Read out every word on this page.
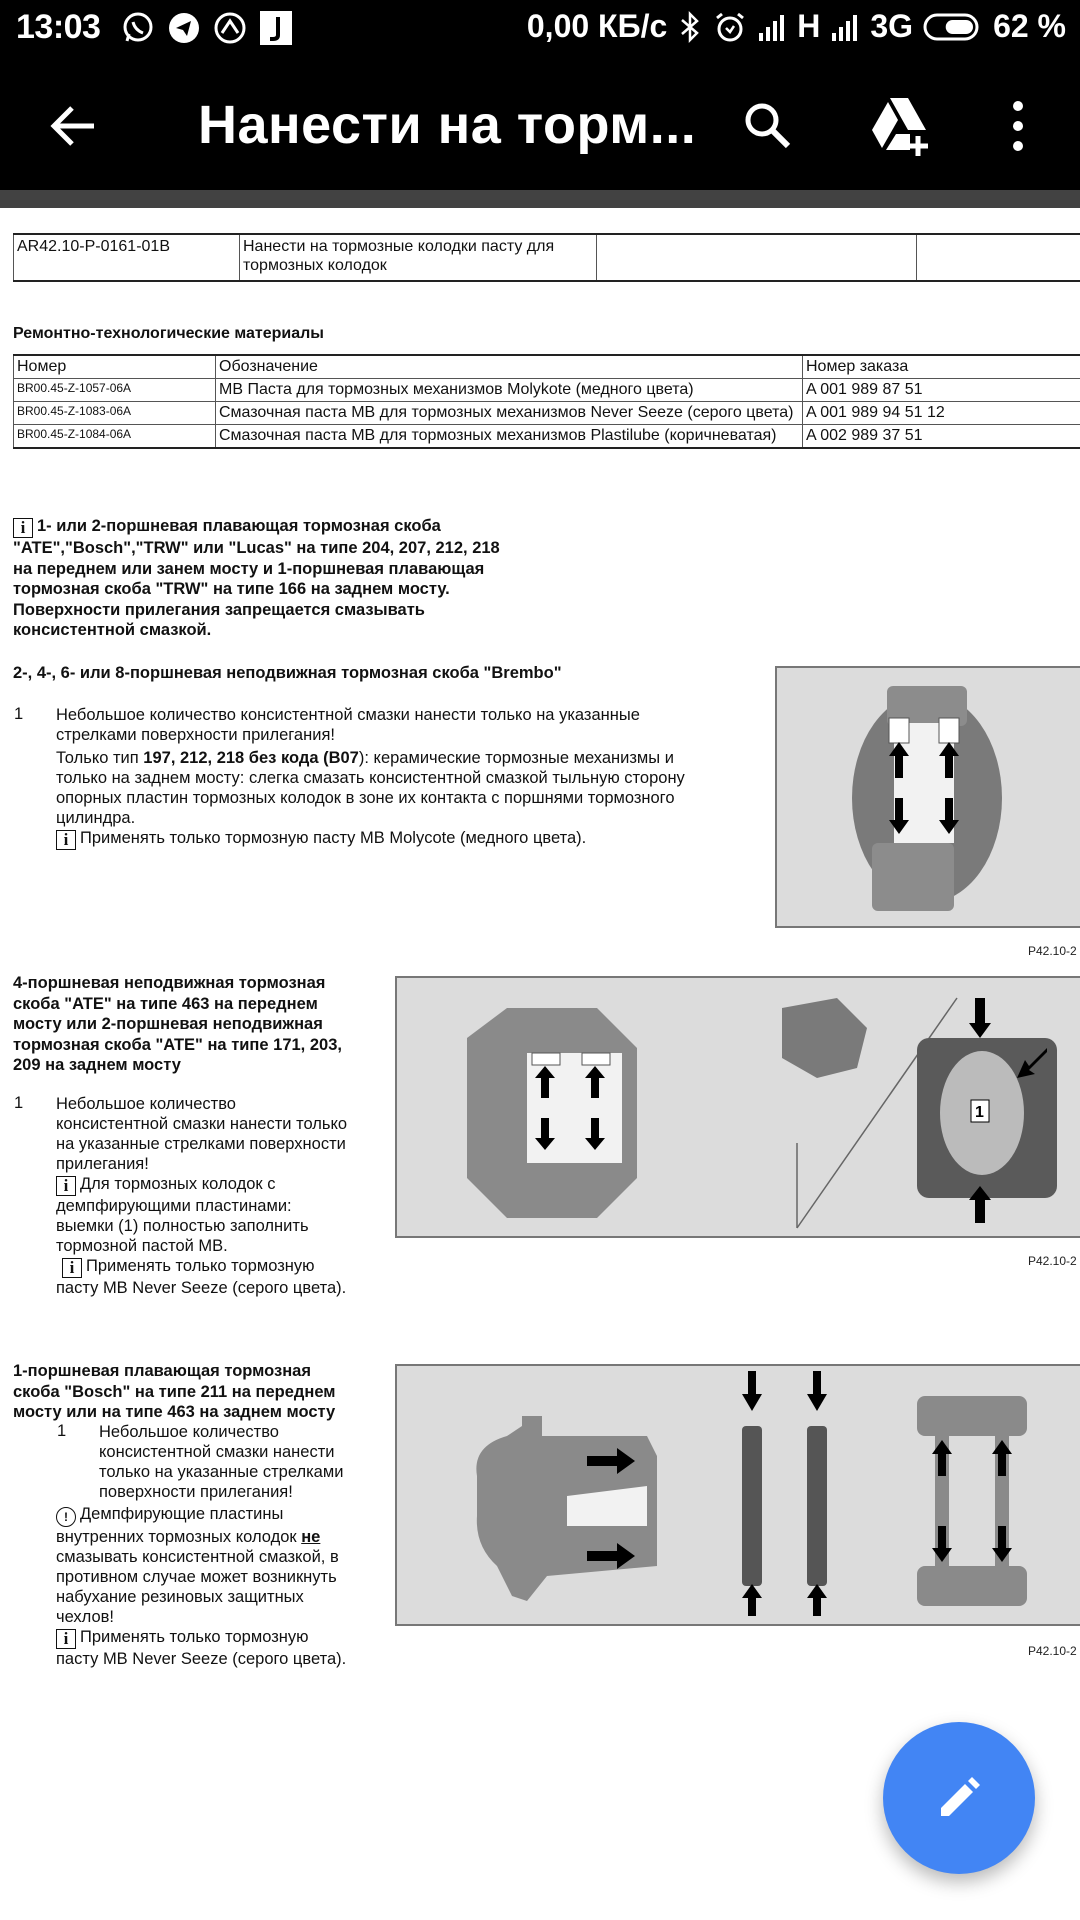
13:03	0,00 КБ/с	H 3G	62 %
Нанести на торм...
AR42.10-P-0161-01B	Нанести на тормозные колодки пасту для тормозных колодок		
Ремонтно-технологические материалы
Номер	Обозначение	Номер заказа
BR00.45-Z-1057-06A	MB Паста для тормозных механизмов Molykote (медного цвета)	A 001 989 87 51
BR00.45-Z-1083-06A	Смазочная паста MB для тормозных механизмов Never Seeze (серого цвета)	A 001 989 94 51 12
BR00.45-Z-1084-06A	Смазочная паста MB для тормозных механизмов Plastilube (коричневатая)	A 002 989 37 51
i 1- или 2-поршневая плавающая тормозная скоба
"ATE","Bosch","TRW" или "Lucas" на типе 204, 207, 212, 218
на переднем или занем мосту и 1-поршневая плавающая
тормозная скоба "TRW" на типе 166 на заднем мосту.
Поверхности прилегания запрещается смазывать
консистентной смазкой.
2-, 4-, 6- или 8-поршневая неподвижная тормозная скоба "Brembo"
1 Небольшое количество консистентной смазки нанести только на указанные
стрелками поверхности прилегания!
Только тип 197, 212, 218 без кода (B07): керамические тормозные механизмы и
только на заднем мосту: слегка смазать консистентной смазкой тыльную сторону
опорных пластин тормозных колодок в зоне их контакта с поршнями тормозного
цилиндра.
i Применять только тормозную пасту MB Molycote (медного цвета).
P42.10-2
4-поршневая неподвижная тормозная
скоба "ATE" на типе 463 на переднем
мосту или 2-поршневая неподвижная
тормозная скоба "ATE" на типе 171, 203,
209 на заднем мосту
1 Небольшое количество
консистентной смазки нанести только
на указанные стрелками поверхности
прилегания!
i Для тормозных колодок с
демпфирующими пластинами:
выемки (1) полностью заполнить
тормозной пастой MB.
i Применять только тормозную
пасту MB Never Seeze (серого цвета).
1
P42.10-2
1-поршневая плавающая тормозная
скоба "Bosch" на типе 211 на переднем
мосту или на типе 463 на заднем мосту
1 Небольшое количество
консистентной смазки нанести
только на указанные стрелками
поверхности прилегания!
! Демпфирующие пластины
внутренних тормозных колодок не
смазывать консистентной смазкой, в
противном случае может возникнуть
набухание резиновых защитных
чехлов!
i Применять только тормозную
пасту MB Never Seeze (серого цвета).	P42.10-2
